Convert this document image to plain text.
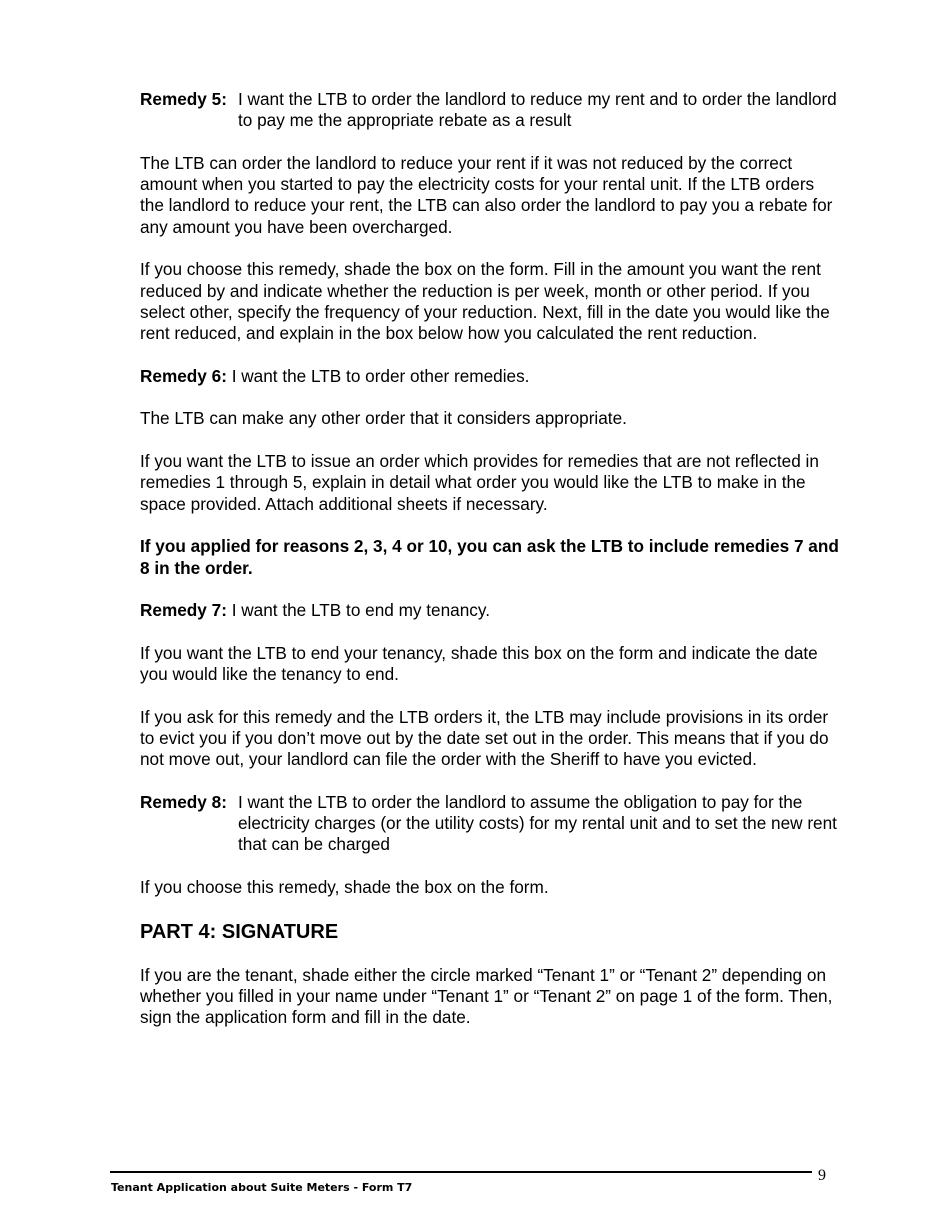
Remedy 5: I want the LTB to order the landlord to reduce my rent and to order the landlord to pay me the appropriate rebate as a result

The LTB can order the landlord to reduce your rent if it was not reduced by the correct amount when you started to pay the electricity costs for your rental unit. If the LTB orders the landlord to reduce your rent, the LTB can also order the landlord to pay you a rebate for any amount you have been overcharged.

If you choose this remedy, shade the box on the form. Fill in the amount you want the rent reduced by and indicate whether the reduction is per week, month or other period. If you select other, specify the frequency of your reduction. Next, fill in the date you would like the rent reduced, and explain in the box below how you calculated the rent reduction.

Remedy 6: I want the LTB to order other remedies.

The LTB can make any other order that it considers appropriate.

If you want the LTB to issue an order which provides for remedies that are not reflected in remedies 1 through 5, explain in detail what order you would like the LTB to make in the space provided. Attach additional sheets if necessary.

If you applied for reasons 2, 3, 4 or 10, you can ask the LTB to include remedies 7 and 8 in the order.

Remedy 7: I want the LTB to end my tenancy.

If you want the LTB to end your tenancy, shade this box on the form and indicate the date you would like the tenancy to end.

If you ask for this remedy and the LTB orders it, the LTB may include provisions in its order to evict you if you don’t move out by the date set out in the order. This means that if you do not move out, your landlord can file the order with the Sheriff to have you evicted.

Remedy 8: I want the LTB to order the landlord to assume the obligation to pay for the electricity charges (or the utility costs) for my rental unit and to set the new rent that can be charged

If you choose this remedy, shade the box on the form.

PART 4: SIGNATURE

If you are the tenant, shade either the circle marked “Tenant 1” or “Tenant 2” depending on whether you filled in your name under “Tenant 1” or “Tenant 2” on page 1 of the form. Then, sign the application form and fill in the date.

9
Tenant Application about Suite Meters - Form T7
